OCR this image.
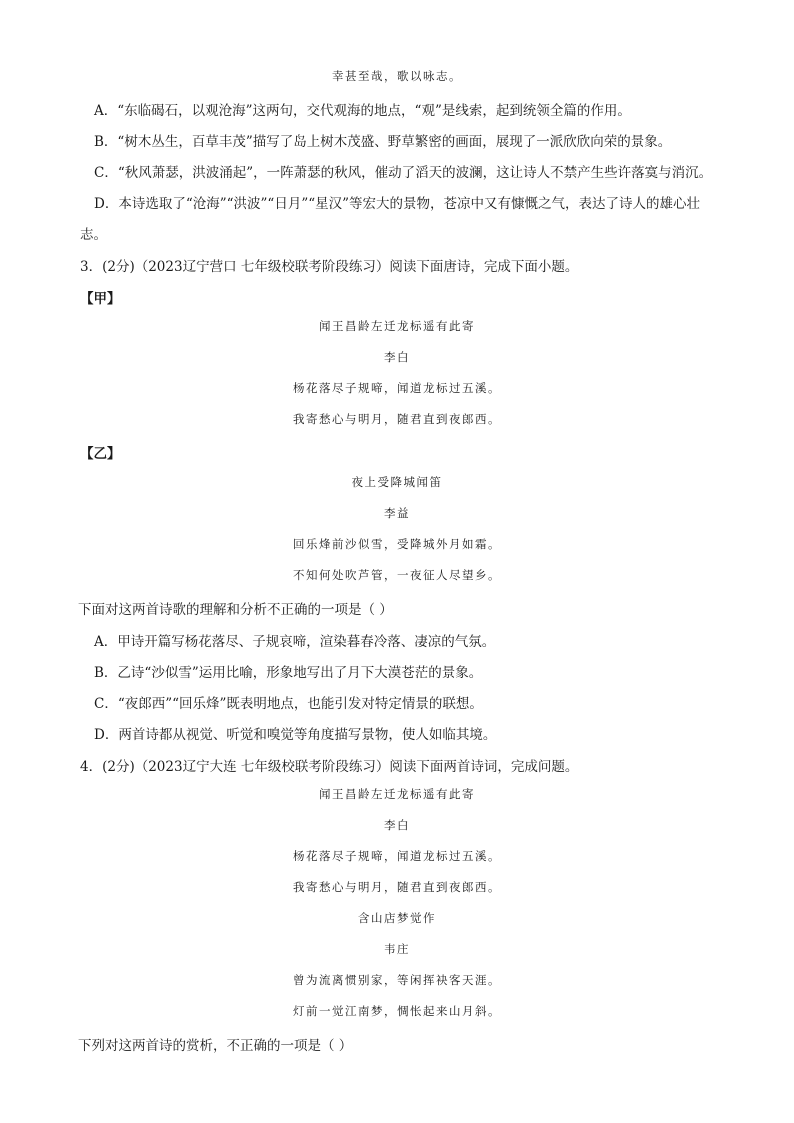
幸甚至哉，歌以咏志。
A．“东临碣石，以观沧海”这两句，交代观海的地点，“观”是线索，起到统领全篇的作用。
B．“树木丛生，百草丰茂”描写了岛上树木茂盛、野草繁密的画面，展现了一派欣欣向荣的景象。
C．“秋风萧瑟，洪波涌起”，一阵萧瑟的秋风，催动了滔天的波澜，这让诗人不禁产生些许落寞与消沉。
D．本诗选取了“沧海”“洪波”“日月”“星汉”等宏大的景物，苍凉中又有慷慨之气，表达了诗人的雄心壮
志。
3．(2分)（2023辽宁营口 七年级校联考阶段练习）阅读下面唐诗，完成下面小题。
【甲】
闻王昌龄左迁龙标遥有此寄
李白
杨花落尽子规啼，闻道龙标过五溪。
我寄愁心与明月，随君直到夜郎西。
【乙】
夜上受降城闻笛
李益
回乐烽前沙似雪，受降城外月如霜。
不知何处吹芦管，一夜征人尽望乡。
下面对这两首诗歌的理解和分析不正确的一项是（ ）
A．甲诗开篇写杨花落尽、子规哀啼，渲染暮春冷落、凄凉的气氛。
B．乙诗“沙似雪”运用比喻，形象地写出了月下大漠苍茫的景象。
C．“夜郎西”“回乐烽”既表明地点，也能引发对特定情景的联想。
D．两首诗都从视觉、听觉和嗅觉等角度描写景物，使人如临其境。
4．(2分)（2023辽宁大连 七年级校联考阶段练习）阅读下面两首诗词，完成问题。
闻王昌龄左迁龙标遥有此寄
李白
杨花落尽子规啼，闻道龙标过五溪。
我寄愁心与明月，随君直到夜郎西。
含山店梦觉作
韦庄
曾为流离惯别家，等闲挥袂客天涯。
灯前一觉江南梦，惆怅起来山月斜。
下列对这两首诗的赏析，不正确的一项是（ ）
